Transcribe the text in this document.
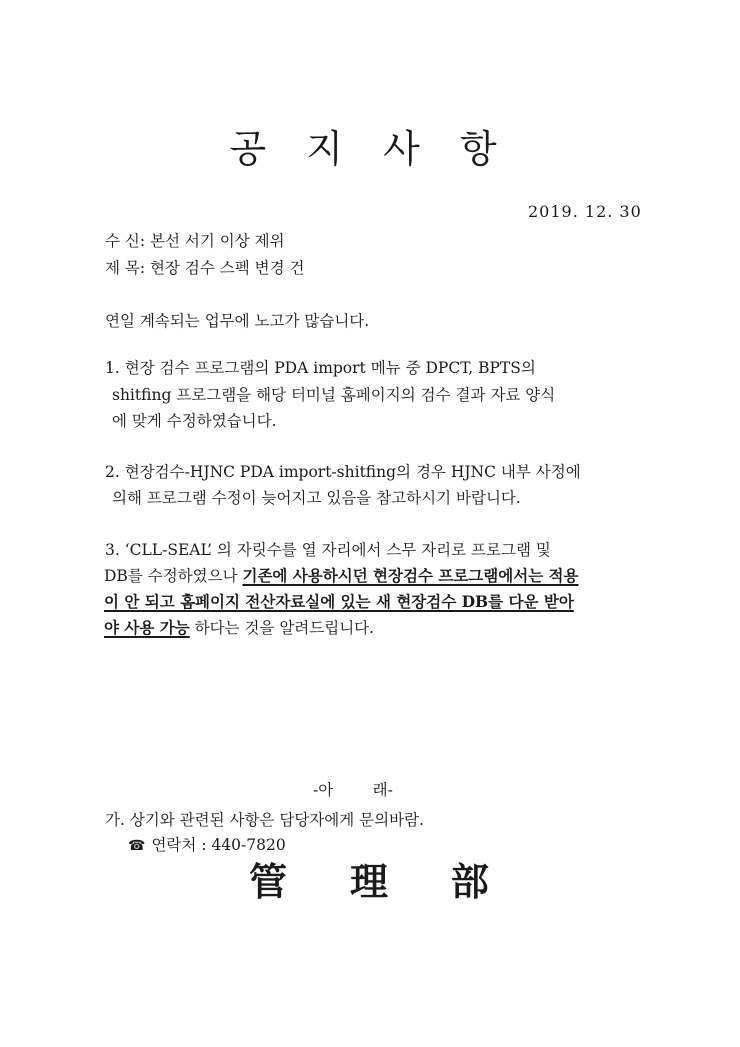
공 지 사 항
2019. 12. 30
수 신: 본선 서기 이상 제위
제 목: 현장 검수 스펙 변경 건
연일 계속되는 업무에 노고가 많습니다.
1. 현장 검수 프로그램의 PDA import 메뉴 중 DPCT, BPTS의
shitfing 프로그램을 해당 터미널 홈페이지의 검수 결과 자료 양식
에 맞게 수정하였습니다.
2. 현장검수-HJNC PDA import-shitfing의 경우 HJNC 내부 사정에
의해 프로그램 수정이 늦어지고 있음을 참고하시기 바랍니다.
3. ‘CLL-SEAL’ 의 자릿수를 열 자리에서 스무 자리로 프로그램 및
DB를 수정하였으나 기존에 사용하시던 현장검수 프로그램에서는 적용
이 안 되고 홈페이지 전산자료실에 있는 새 현장검수 DB를 다운 받아
야 사용 가능 하다는 것을 알려드립니다.
-아        래-
가. 상기와 관련된 사항은 담당자에게 문의바람.
☎ 연락처 : 440-7820
管    理    部
